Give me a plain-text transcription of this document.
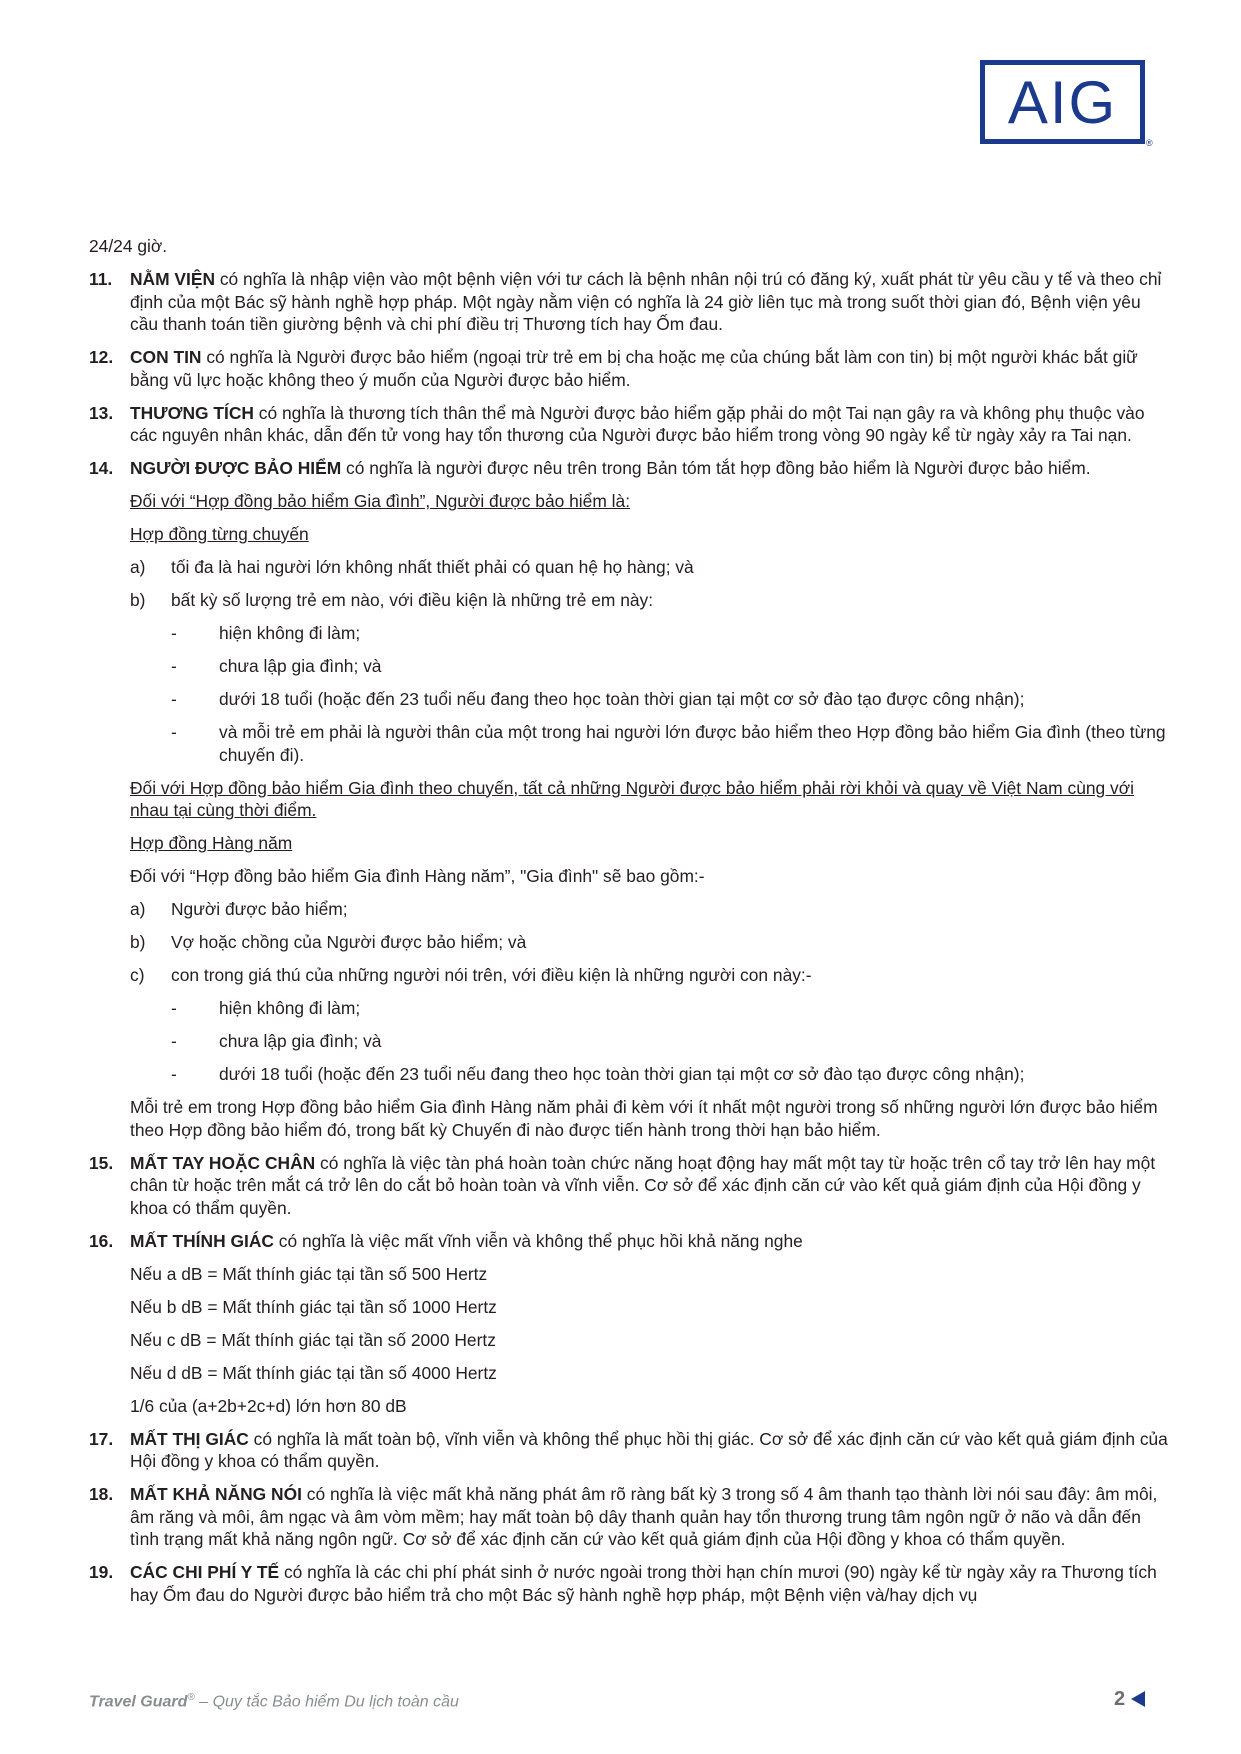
AIG
®

24/24 giờ.

11. NẰM VIỆN có nghĩa là nhập viện vào một bệnh viện với tư cách là bệnh nhân nội trú có đăng ký, xuất phát từ yêu cầu y tế và theo chỉ định của một Bác sỹ hành nghề hợp pháp. Một ngày nằm viện có nghĩa là 24 giờ liên tục mà trong suốt thời gian đó, Bệnh viện yêu cầu thanh toán tiền giường bệnh và chi phí điều trị Thương tích hay Ốm đau.
12. CON TIN có nghĩa là Người được bảo hiểm (ngoại trừ trẻ em bị cha hoặc mẹ của chúng bắt làm con tin) bị một người khác bắt giữ bằng vũ lực hoặc không theo ý muốn của Người được bảo hiểm.
13. THƯƠNG TÍCH có nghĩa là thương tích thân thể mà Người được bảo hiểm gặp phải do một Tai nạn gây ra và không phụ thuộc vào các nguyên nhân khác, dẫn đến tử vong hay tổn thương của Người được bảo hiểm trong vòng 90 ngày kể từ ngày xảy ra Tai nạn.
14. NGƯỜI ĐƯỢC BẢO HIỂM có nghĩa là người được nêu trên trong Bản tóm tắt hợp đồng bảo hiểm là Người được bảo hiểm.

Đối với “Hợp đồng bảo hiểm Gia đình”, Người được bảo hiểm là:

Hợp đồng từng chuyến

a) tối đa là hai người lớn không nhất thiết phải có quan hệ họ hàng; và
b) bất kỳ số lượng trẻ em nào, với điều kiện là những trẻ em này:
- hiện không đi làm;
- chưa lập gia đình; và
- dưới 18 tuổi (hoặc đến 23 tuổi nếu đang theo học toàn thời gian tại một cơ sở đào tạo được công nhận);
- và mỗi trẻ em phải là người thân của một trong hai người lớn được bảo hiểm theo Hợp đồng bảo hiểm Gia đình (theo từng chuyến đi).

Đối với Hợp đồng bảo hiểm Gia đình theo chuyến, tất cả những Người được bảo hiểm phải rời khỏi và quay về Việt Nam cùng với nhau tại cùng thời điểm.

Hợp đồng Hàng năm

Đối với “Hợp đồng bảo hiểm Gia đình Hàng năm”, "Gia đình" sẽ bao gồm:-

a) Người được bảo hiểm;
b) Vợ hoặc chồng của Người được bảo hiểm; và
c) con trong giá thú của những người nói trên, với điều kiện là những người con này:-
- hiện không đi làm;
- chưa lập gia đình; và
- dưới 18 tuổi (hoặc đến 23 tuổi nếu đang theo học toàn thời gian tại một cơ sở đào tạo được công nhận);

Mỗi trẻ em trong Hợp đồng bảo hiểm Gia đình Hàng năm phải đi kèm với ít nhất một người trong số những người lớn được bảo hiểm theo Hợp đồng bảo hiểm đó, trong bất kỳ Chuyến đi nào được tiến hành trong thời hạn bảo hiểm.

15. MẤT TAY HOẶC CHÂN có nghĩa là việc tàn phá hoàn toàn chức năng hoạt động hay mất một tay từ hoặc trên cổ tay trở lên hay một chân từ hoặc trên mắt cá trở lên do cắt bỏ hoàn toàn và vĩnh viễn. Cơ sở để xác định căn cứ vào kết quả giám định của Hội đồng y khoa có thẩm quyền.
16. MẤT THÍNH GIÁC có nghĩa là việc mất vĩnh viễn và không thể phục hồi khả năng nghe

Nếu a dB = Mất thính giác tại tần số 500 Hertz

Nếu b dB = Mất thính giác tại tần số 1000 Hertz

Nếu c dB = Mất thính giác tại tần số 2000 Hertz

Nếu d dB = Mất thính giác tại tần số 4000 Hertz

1/6 của (a+2b+2c+d) lớn hơn 80 dB

17. MẤT THỊ GIÁC có nghĩa là mất toàn bộ, vĩnh viễn và không thể phục hồi thị giác. Cơ sở để xác định căn cứ vào kết quả giám định của Hội đồng y khoa có thẩm quyền.
18. MẤT KHẢ NĂNG NÓI có nghĩa là việc mất khả năng phát âm rõ ràng bất kỳ 3 trong số 4 âm thanh tạo thành lời nói sau đây: âm môi, âm răng và môi, âm ngạc và âm vòm mềm; hay mất toàn bộ dây thanh quản hay tổn thương trung tâm ngôn ngữ ở não và dẫn đến tình trạng mất khả năng ngôn ngữ. Cơ sở để xác định căn cứ vào kết quả giám định của Hội đồng y khoa có thẩm quyền.
19. CÁC CHI PHÍ Y TẾ có nghĩa là các chi phí phát sinh ở nước ngoài trong thời hạn chín mươi (90) ngày kể từ ngày xảy ra Thương tích hay Ốm đau do Người được bảo hiểm trả cho một Bác sỹ hành nghề hợp pháp, một Bệnh viện và/hay dịch vụ
Travel Guard® – Quy tắc Bảo hiểm Du lịch toàn cầu	2
